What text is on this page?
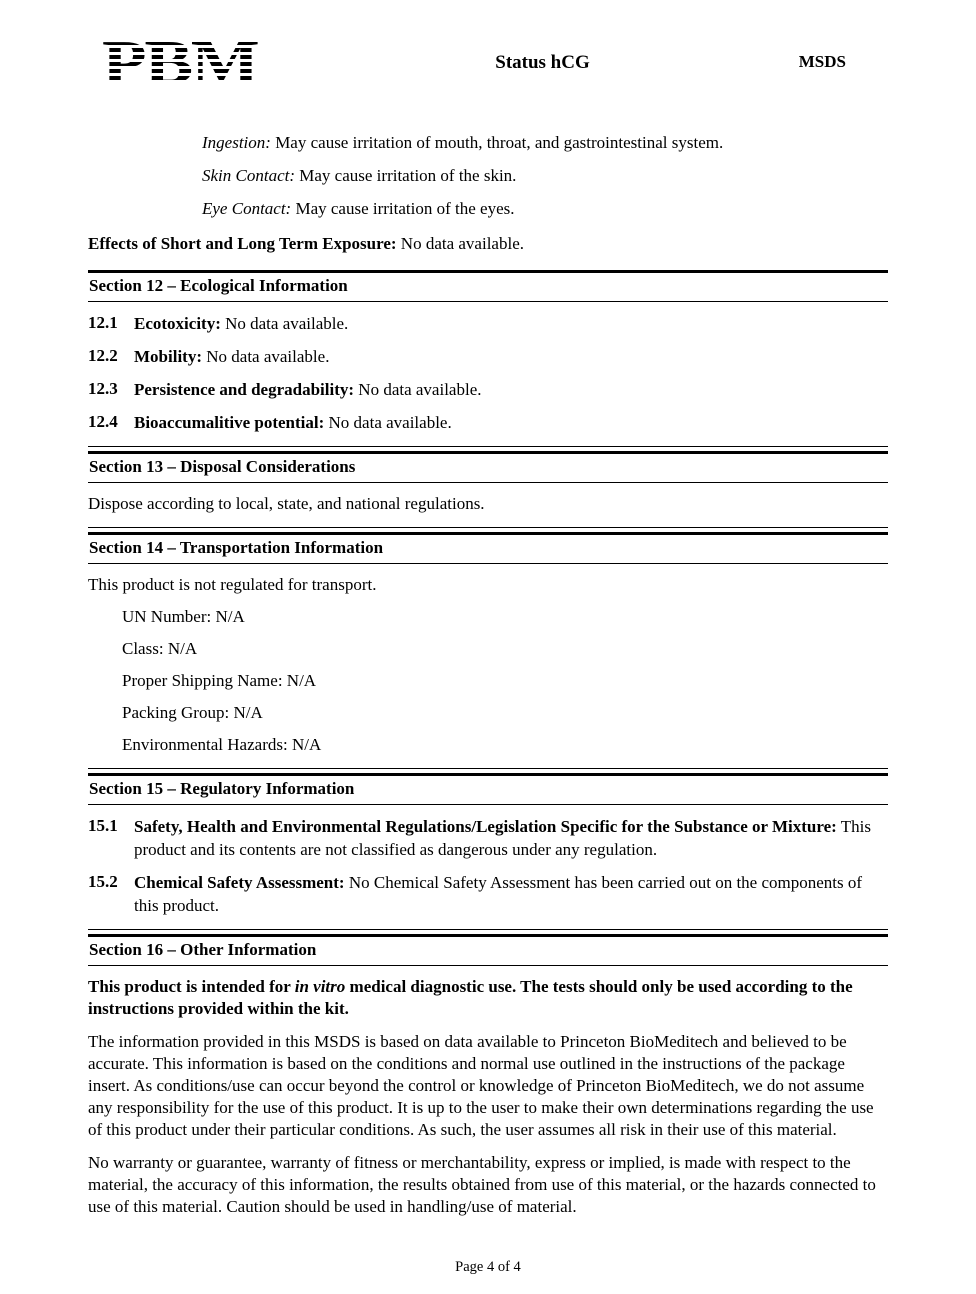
PBM	Status hCG	MSDS
Ingestion: May cause irritation of mouth, throat, and gastrointestinal system.
Skin Contact: May cause irritation of the skin.
Eye Contact: May cause irritation of the eyes.
Effects of Short and Long Term Exposure: No data available.
Section 12 – Ecological Information
12.1 Ecotoxicity: No data available.
12.2 Mobility: No data available.
12.3 Persistence and degradability: No data available.
12.4 Bioaccumalitive potential: No data available.
Section 13 – Disposal Considerations
Dispose according to local, state, and national regulations.
Section 14 – Transportation Information
This product is not regulated for transport.
UN Number: N/A
Class: N/A
Proper Shipping Name: N/A
Packing Group: N/A
Environmental Hazards: N/A
Section 15 – Regulatory Information
15.1 Safety, Health and Environmental Regulations/Legislation Specific for the Substance or Mixture: This product and its contents are not classified as dangerous under any regulation.
15.2 Chemical Safety Assessment: No Chemical Safety Assessment has been carried out on the components of this product.
Section 16 – Other Information

This product is intended for in vitro medical diagnostic use. The tests should only be used according to the instructions provided within the kit.

The information provided in this MSDS is based on data available to Princeton BioMeditech and believed to be accurate. This information is based on the conditions and normal use outlined in the instructions of the package insert. As conditions/use can occur beyond the control or knowledge of Princeton BioMeditech, we do not assume any responsibility for the use of this product. It is up to the user to make their own determinations regarding the use of this product under their particular conditions. As such, the user assumes all risk in their use of this material.

No warranty or guarantee, warranty of fitness or merchantability, express or implied, is made with respect to the material, the accuracy of this information, the results obtained from use of this material, or the hazards connected to use of this material. Caution should be used in handling/use of material.

Page 4 of 4
